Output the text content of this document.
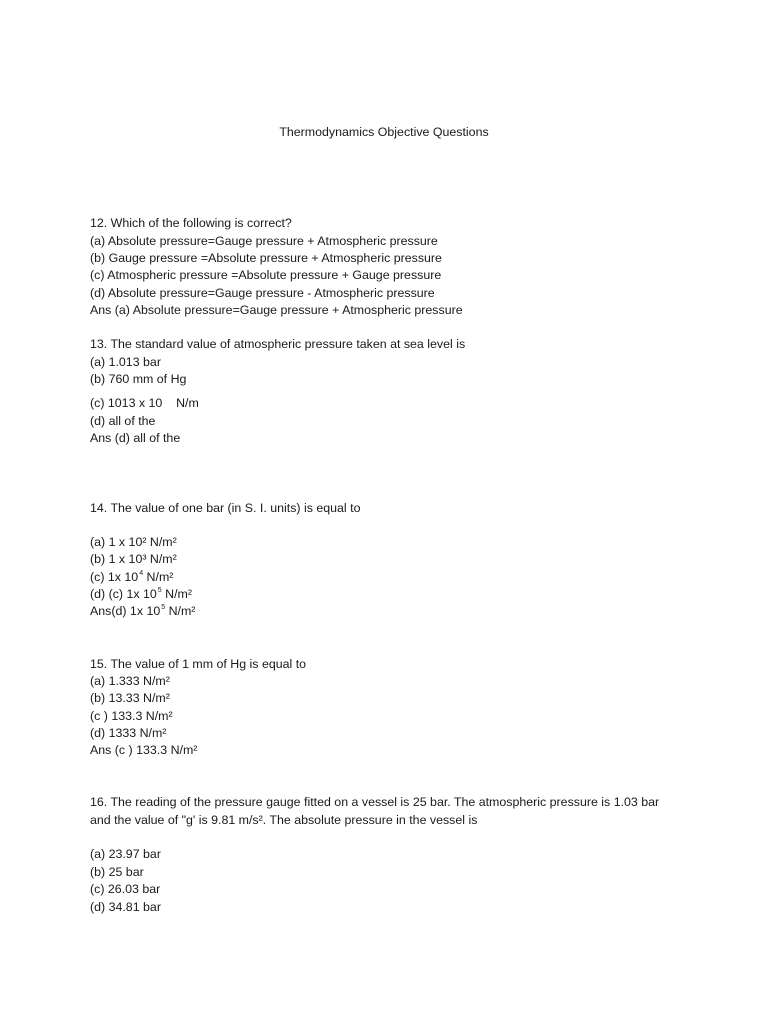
Thermodynamics Objective Questions
12. Which of the following is correct?
(a) Absolute pressure=Gauge pressure + Atmospheric pressure
(b) Gauge pressure =Absolute pressure + Atmospheric pressure
(c) Atmospheric pressure =Absolute pressure + Gauge pressure
(d) Absolute pressure=Gauge pressure - Atmospheric pressure
Ans (a) Absolute pressure=Gauge pressure + Atmospheric pressure
13. The standard value of atmospheric pressure taken at sea level is
(a) 1.013 bar
(b) 760 mm of Hg
(c) 1013 x 10    N/m
(d) all of the
Ans (d) all of the
14. The value of one bar (in S. I. units) is equal to
(a) 1 x 10² N/m²
(b) 1 x 10³ N/m²
(c) 1x $10^4$ N/m²
(d) (c) 1x $10^5$ N/m²
Ans(d) 1x $10^5$ N/m²
15. The value of 1 mm of Hg is equal to
(a) 1.333 N/m²
(b) 13.33 N/m²
(c ) 133.3 N/m²
(d) 1333 N/m²
Ans (c ) 133.3 N/m²
16. The reading of the pressure gauge fitted on a vessel is 25 bar. The atmospheric pressure is 1.03 bar
and the value of "g' is 9.81 m/s². The absolute pressure in the vessel is
(a) 23.97 bar
(b) 25 bar
(c) 26.03 bar
(d) 34.81 bar
